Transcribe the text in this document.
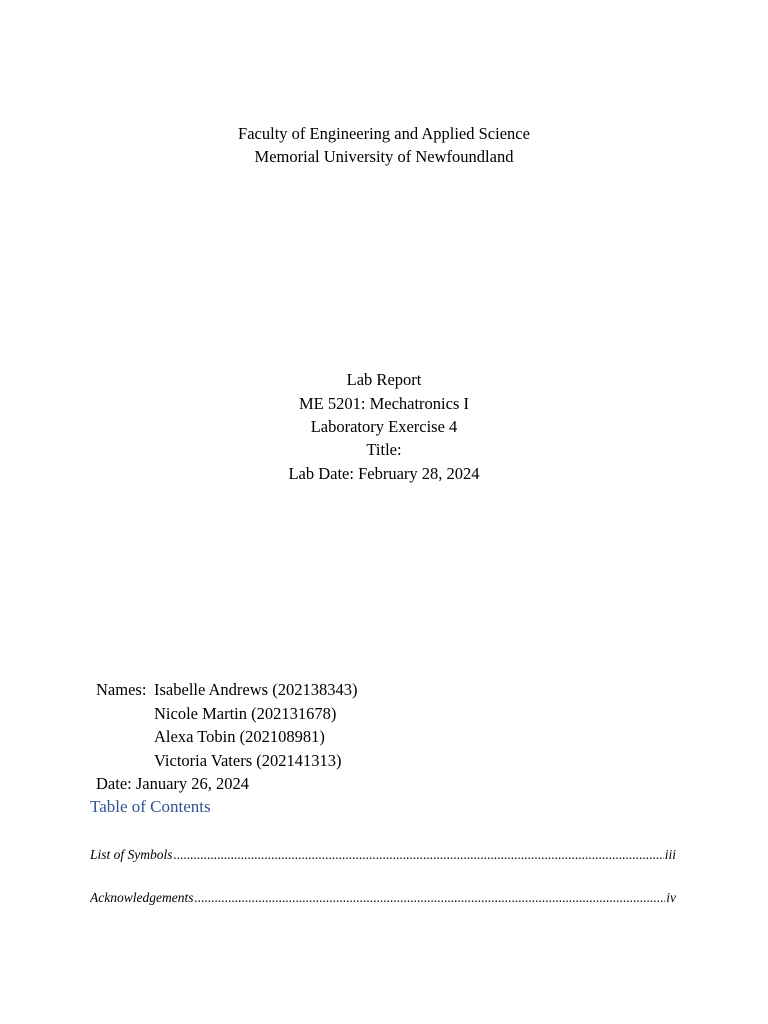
Faculty of Engineering and Applied Science
Memorial University of Newfoundland
Lab Report
ME 5201: Mechatronics I
Laboratory Exercise 4
Title:
Lab Date: February 28, 2024
Names: Isabelle Andrews (202138343)
Nicole Martin (202131678)
Alexa Tobin (202108981)
Victoria Vaters (202141313)
Date:
January 26, 2024
Table of Contents
List of Symbols .....	iii
Acknowledgements .....	iv
